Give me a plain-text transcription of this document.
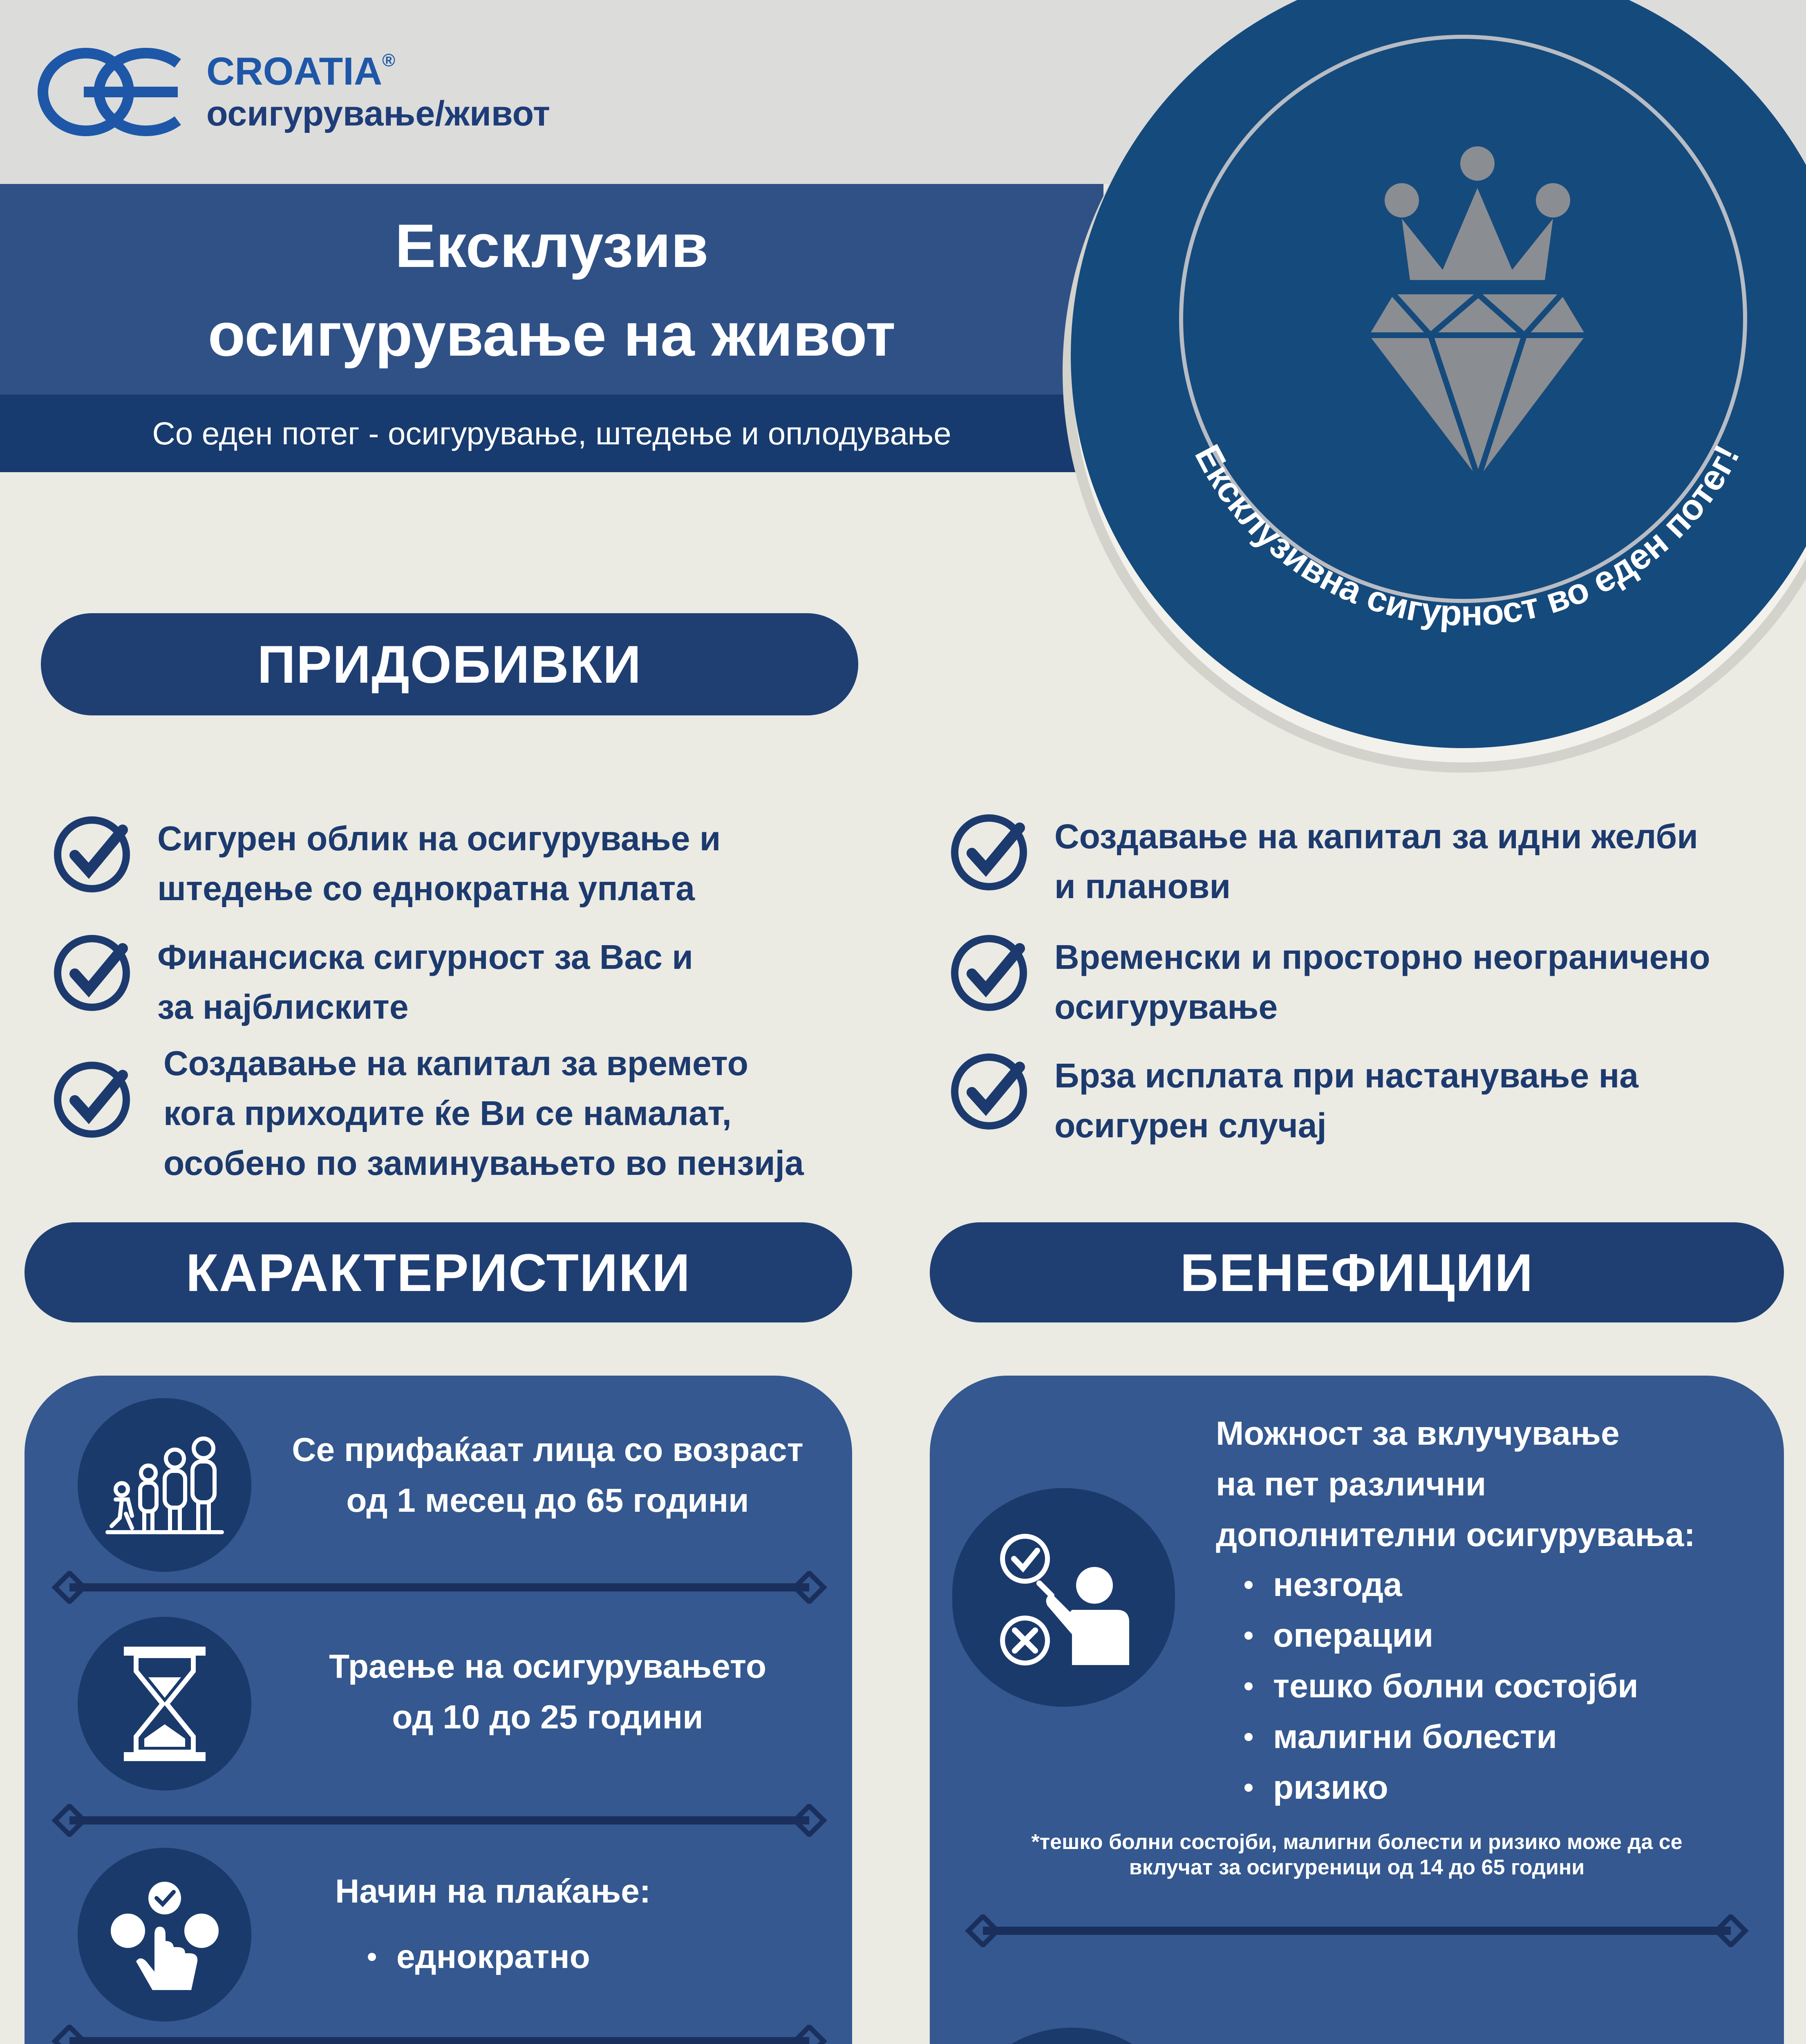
CROATIA®
осигурување/живот
Ексклузив
осигурување на живот
Со еден потег - осигурување, штедење и оплодување
Ексклузивна сигурност во еден потег!
ПРИДОБИВКИ
Сигурен облик на осигурување и
штедење со еднократна уплата
Финансиска сигурност за Вас и
за најблиските
Создавање на капитал за времето
кога приходите ќе Ви се намалат,
особено по заминувањето во пензија
Создавање на капитал за идни желби
и планови
Временски и просторно неограничено
осигурување
Брза исплата при настанување на
осигурен случај
КАРАКТЕРИСТИКИ	БЕНЕФИЦИИ
Се прифаќаат лица со возраст
од 1 месец до 65 години
Траење на осигурувањето
од 10 до 25 години
Начин на плаќање:
еднократно
Можност за вклучување
на пет различни
дополнителни осигурувања:
незгода
операции
тешко болни состојби
малигни болести
ризико
*тешко болни состојби, малигни болести и ризико може да се
вклучат за осигуреници од 14 до 65 години
